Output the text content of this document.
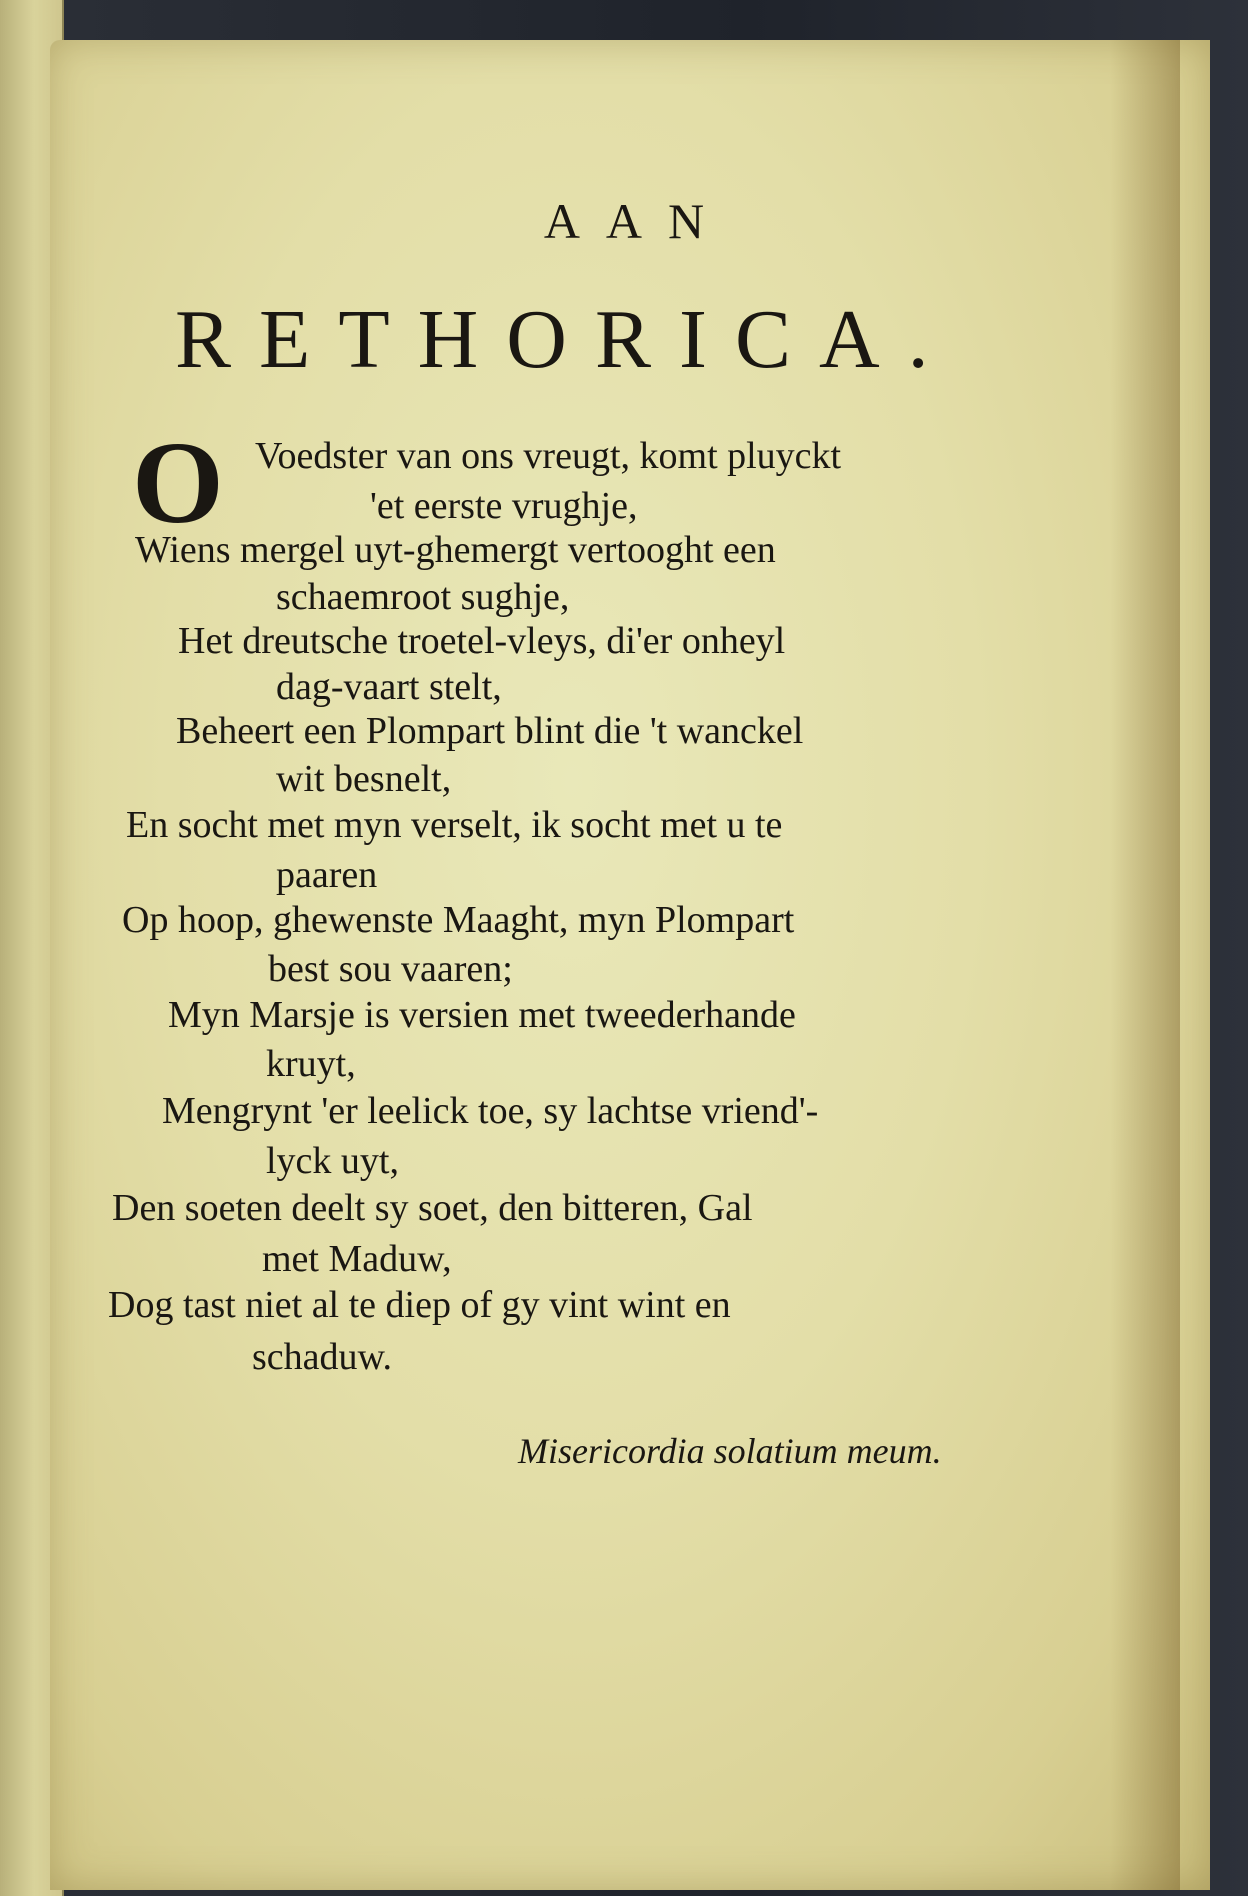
AAN
RETHORICA.
O Voedster van ons vreugt, komt pluyckt
'et eerste vrughje,
Wiens mergel uyt-ghemergt vertooght een
schaemroot sughje,
Het dreutsche troetel-vleys, di'er onheyl
dag-vaart stelt,
Beheert een Plompart blint die 't wanckel
wit besnelt,
En socht met myn verselt, ik socht met u te
paaren
Op hoop, ghewenste Maaght, myn Plompart
best sou vaaren;
Myn Marsje is versien met tweederhande
kruyt,
Mengrynt 'er leelick toe, sy lachtse vriend'-
lyck uyt,
Den soeten deelt sy soet, den bitteren, Gal
met Maduw,
Dog tast niet al te diep of gy vint wint en
schaduw.
Misericordia solatium meum.
